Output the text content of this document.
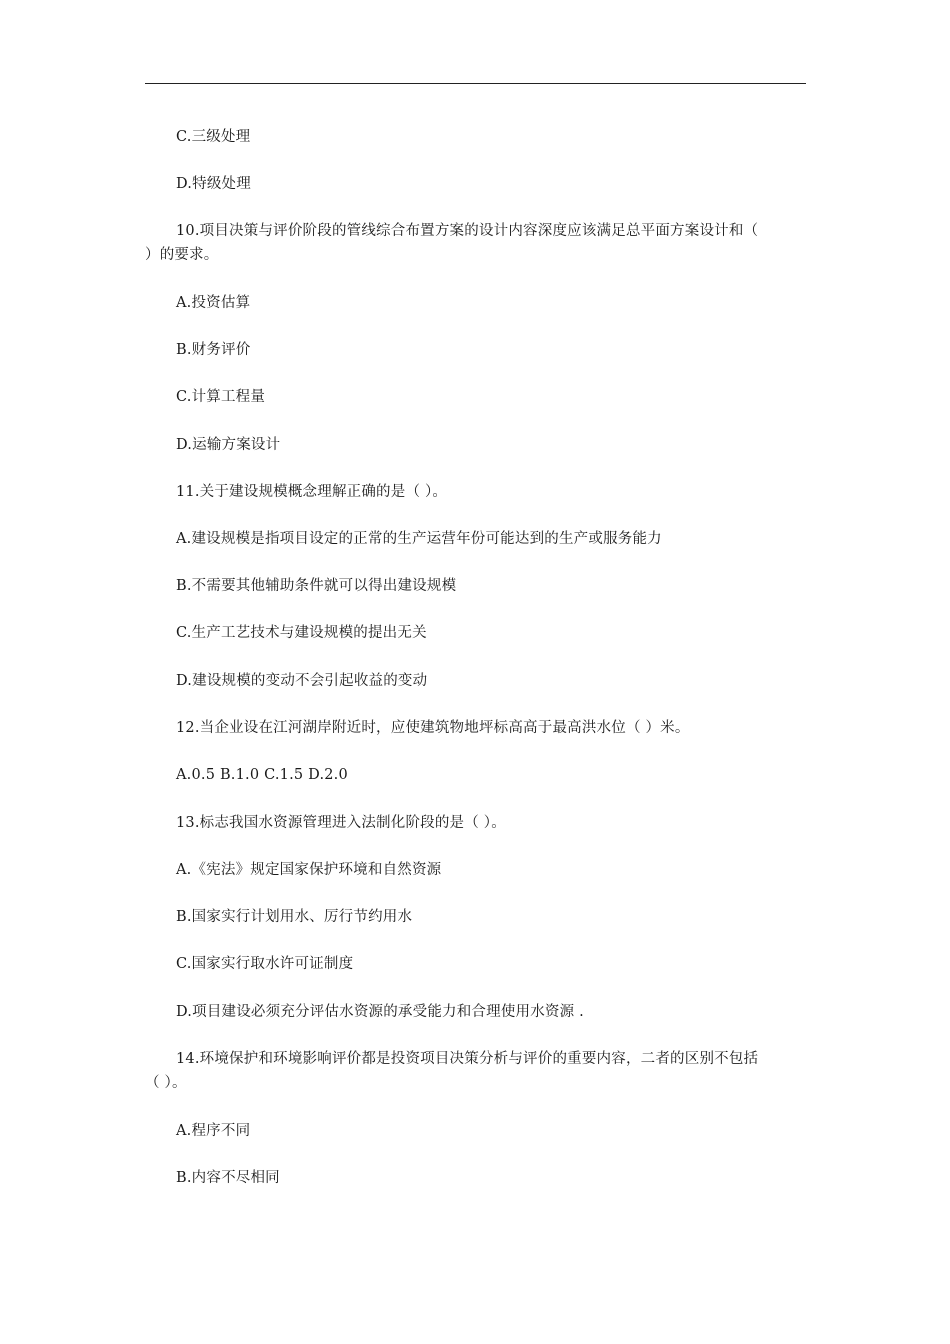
C.三级处理
D.特级处理
10.项目决策与评价阶段的管线综合布置方案的设计内容深度应该满足总平面方案设计和（
）的要求。
A.投资估算
B.财务评价
C.计算工程量
D.运输方案设计
11.关于建设规模概念理解正确的是（ ）。
A.建设规模是指项目设定的正常的生产运营年份可能达到的生产或服务能力
B.不需要其他辅助条件就可以得出建设规模
C.生产工艺技术与建设规模的提出无关
D.建设规模的变动不会引起收益的变动
12.当企业设在江河湖岸附近时，应使建筑物地坪标高高于最高洪水位（ ）米。
A.0.5 B.1.0 C.1.5 D.2.0
13.标志我国水资源管理进入法制化阶段的是（ ）。
A.《宪法》规定国家保护环境和自然资源
B.国家实行计划用水、厉行节约用水
C.国家实行取水许可证制度
D.项目建设必须充分评估水资源的承受能力和合理使用水资源 .
14.环境保护和环境影响评价都是投资项目决策分析与评价的重要内容，二者的区别不包括
（ ）。
A.程序不同
B.内容不尽相同
